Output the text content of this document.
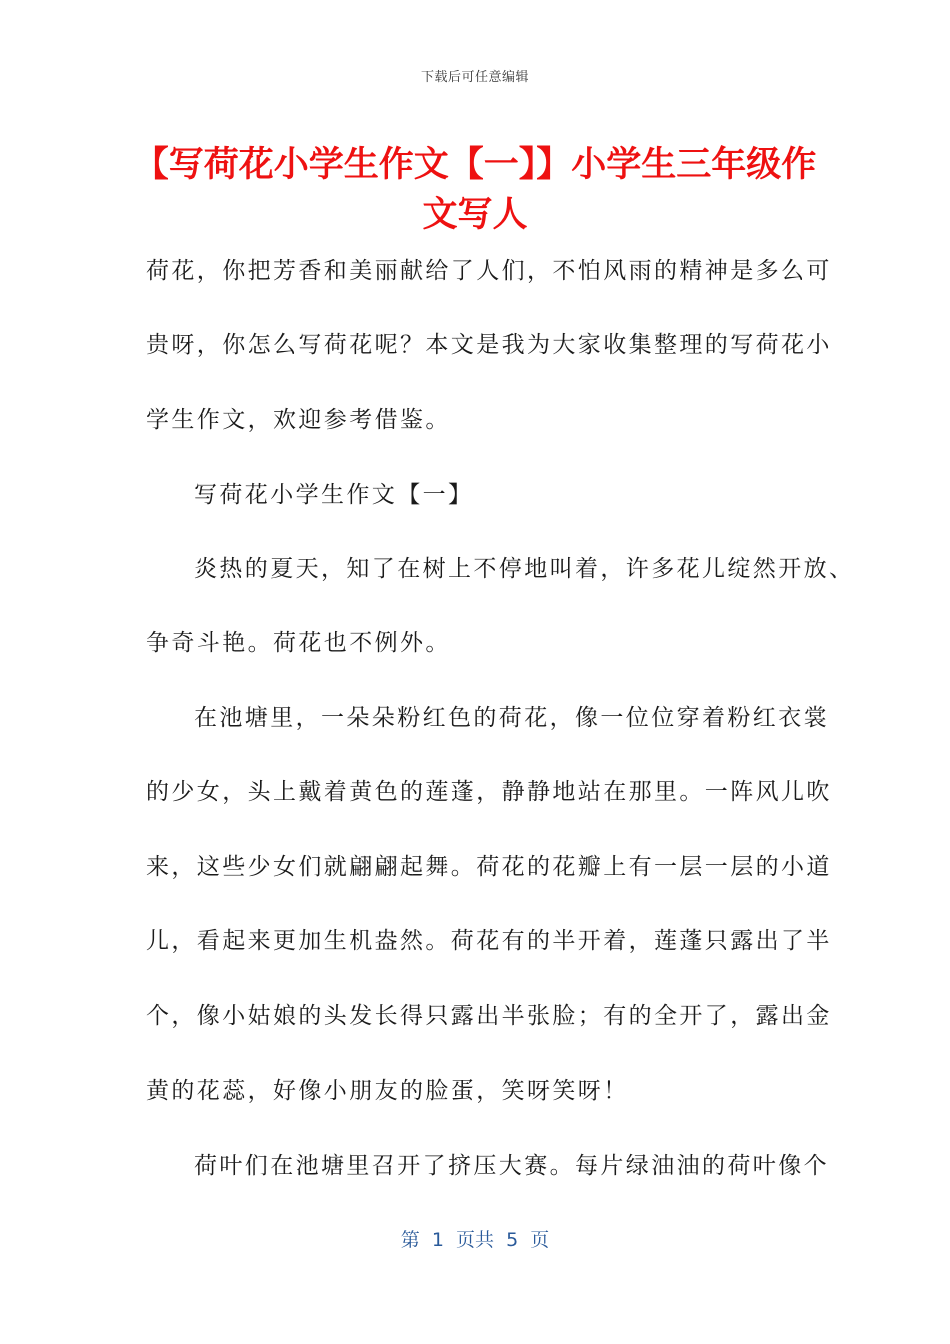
下载后可任意编辑
【写荷花小学生作文【一】】小学生三年级作文写人
荷花，你把芳香和美丽献给了人们，不怕风雨的精神是多么可
贵呀，你怎么写荷花呢？本文是我为大家收集整理的写荷花小
学生作文，欢迎参考借鉴。
写荷花小学生作文【一】
炎热的夏天，知了在树上不停地叫着，许多花儿绽然开放、
争奇斗艳。荷花也不例外。
在池塘里，一朵朵粉红色的荷花，像一位位穿着粉红衣裳
的少女，头上戴着黄色的莲蓬，静静地站在那里。一阵风儿吹
来，这些少女们就翩翩起舞。荷花的花瓣上有一层一层的小道
儿，看起来更加生机盎然。荷花有的半开着，莲蓬只露出了半
个，像小姑娘的头发长得只露出半张脸；有的全开了，露出金
黄的花蕊，好像小朋友的脸蛋，笑呀笑呀！
荷叶们在池塘里召开了挤压大赛。每片绿油油的荷叶像个
第  1  页共  5  页
